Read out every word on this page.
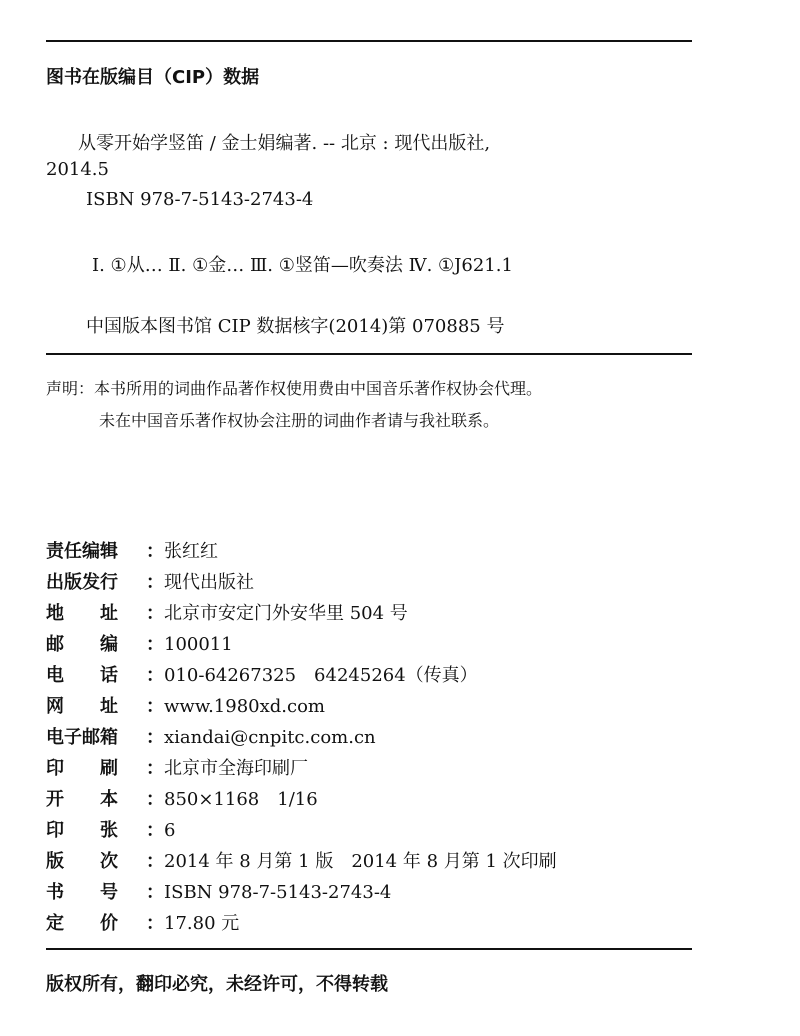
图书在版编目（CIP）数据
从零开始学竖笛 / 金士娟编著. -- 北京 : 现代出版社,
2014.5
ISBN 978-7-5143-2743-4
Ⅰ. ①从… Ⅱ. ①金… Ⅲ. ①竖笛—吹奏法 Ⅳ. ①J621.1
中国版本图书馆 CIP 数据核字(2014)第 070885 号
声明：本书所用的词曲作品著作权使用费由中国音乐著作权协会代理。
未在中国音乐著作权协会注册的词曲作者请与我社联系。
责任编辑 ：张红红
出版发行 ：现代出版社
地　　址 ：北京市安定门外安华里 504 号
邮　　编 ：100011
电　　话 ：010-64267325　64245264（传真）
网　　址 ：www.1980xd.com
电子邮箱 ：xiandai@cnpitc.com.cn
印　　刷 ：北京市全海印刷厂
开　　本 ：850×1168　1/16
印　　张 ：6
版　　次 ：2014 年 8 月第 1 版　2014 年 8 月第 1 次印刷
书　　号 ：ISBN 978-7-5143-2743-4
定　　价 ：17.80 元
版权所有，翻印必究，未经许可，不得转载
